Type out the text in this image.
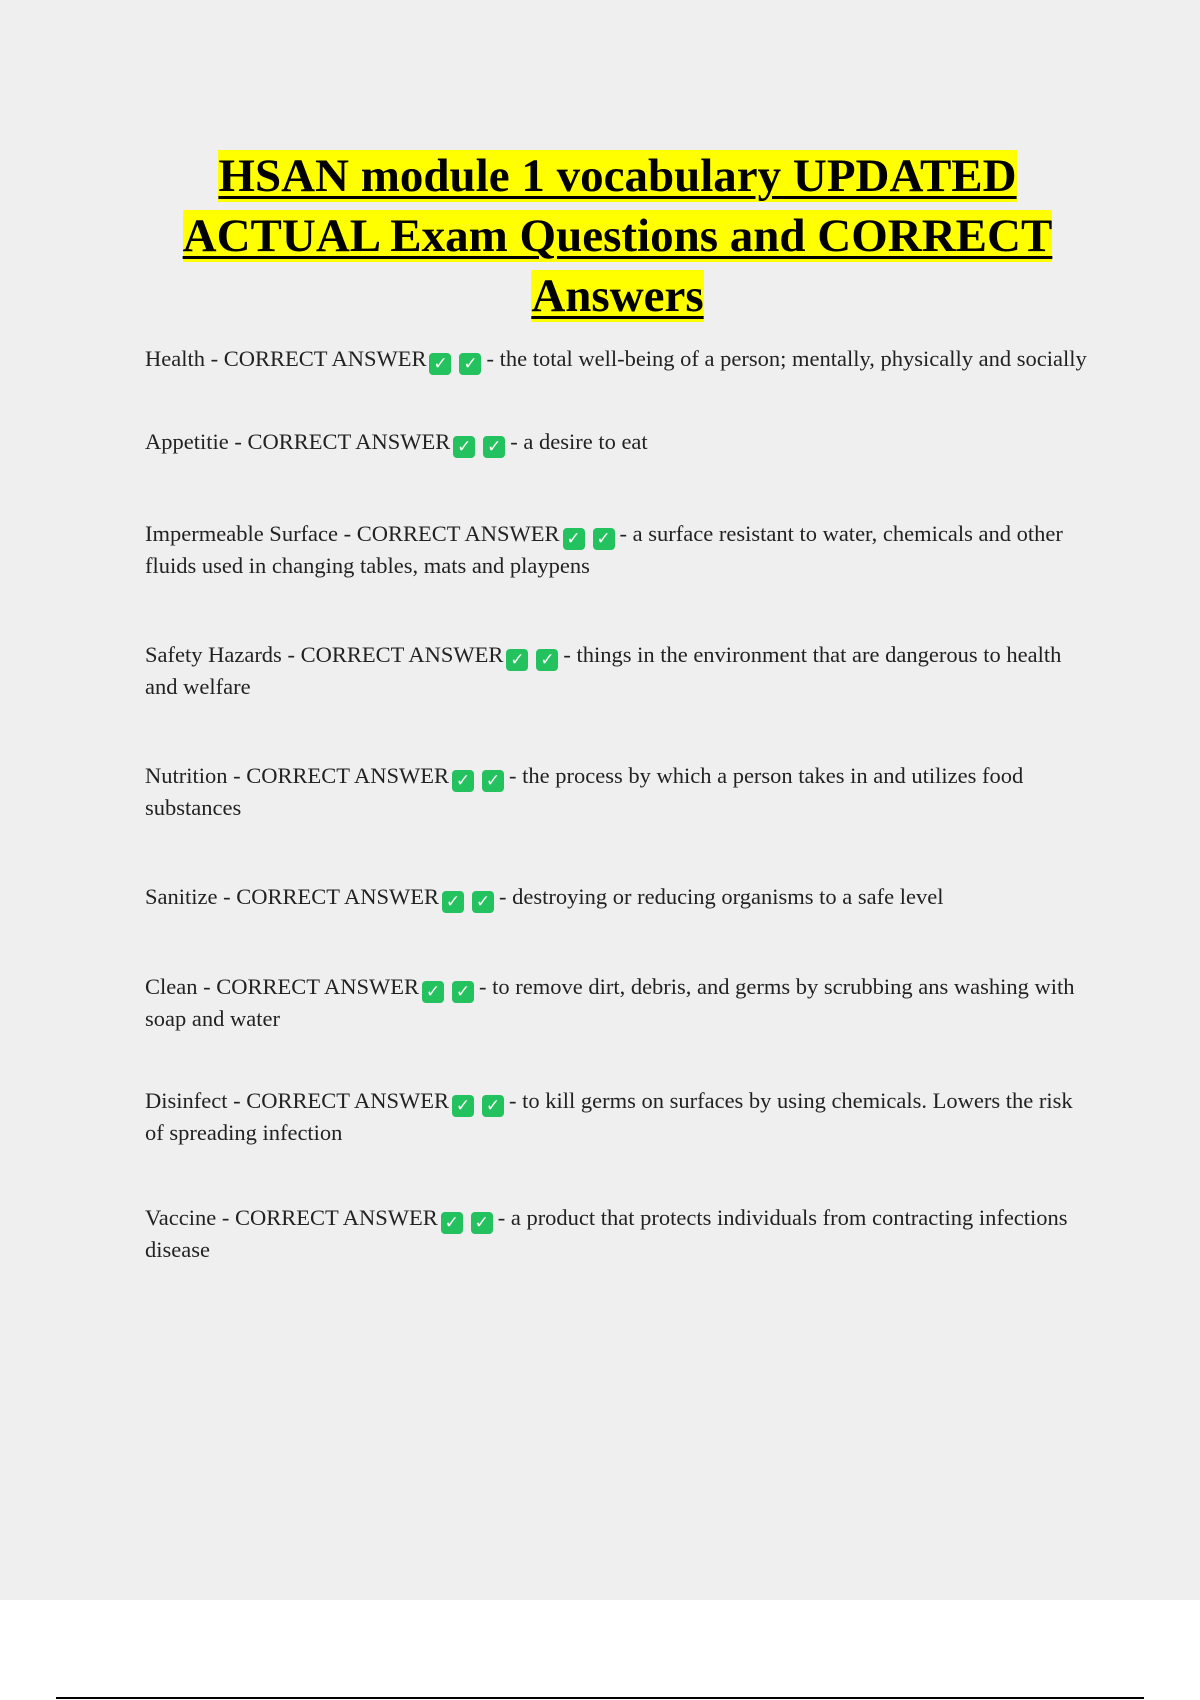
HSAN module 1 vocabulary UPDATED
ACTUAL Exam Questions and CORRECT
Answers

Health - CORRECT ANSWER ✓ ✓ - the total well-being of a person; mentally, physically and socially

Appetitie - CORRECT ANSWER ✓ ✓ - a desire to eat

Impermeable Surface - CORRECT ANSWER ✓ ✓ - a surface resistant to water, chemicals and other fluids used in changing tables, mats and playpens

Safety Hazards - CORRECT ANSWER ✓ ✓ - things in the environment that are dangerous to health and welfare

Nutrition - CORRECT ANSWER ✓ ✓ - the process by which a person takes in and utilizes food substances

Sanitize - CORRECT ANSWER ✓ ✓ - destroying or reducing organisms to a safe level

Clean - CORRECT ANSWER ✓ ✓ - to remove dirt, debris, and germs by scrubbing ans washing with soap and water

Disinfect - CORRECT ANSWER ✓ ✓ - to kill germs on surfaces by using chemicals. Lowers the risk of spreading infection

Vaccine - CORRECT ANSWER ✓ ✓ - a product that protects individuals from contracting infections disease
